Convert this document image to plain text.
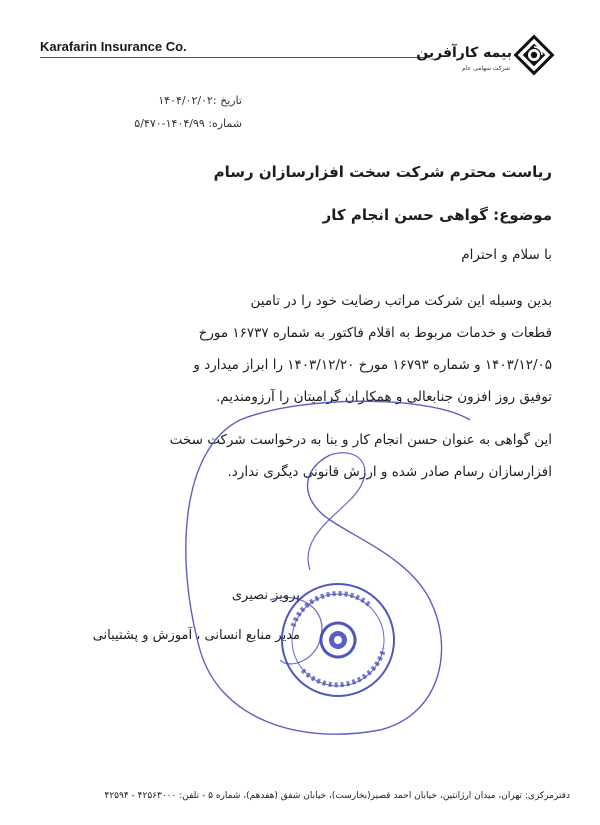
Karafarin Insurance Co.	بیمه کارآفرین
شرکت سهامی عام
تاریخ :۱۴۰۴/۰۲/۰۲
شماره: ۱۴۰۴/۹۹-۵/۴۷۰
ریاست محترم شرکت سخت افزارسازان رسام
موضوع: گواهی حسن انجام کار
با سلام و احترام
بدین وسیله این شرکت مراتب رضایت خود را در تامین
قطعات و خدمات مربوط به اقلام فاکتور به شماره ۱۶۷۳۷ مورخ
۱۴۰۳/۱۲/۰۵ و شماره ۱۶۷۹۳ مورخ ۱۴۰۳/۱۲/۲۰ را ابراز میدارد و
توفیق روز افزون جنابعالی و همکاران گرامیتان را آرزومندیم.
این گواهی به عنوان حسن انجام کار و بنا به درخواست شرکت سخت
افزارسازان رسام صادر شده و ارزش قانونی دیگری ندارد.
پرویز نصیری
مدیر منابع انسانی ، آموزش و پشتیبانی
دفترمرکزی: تهران، میدان آرژانتین، خیابان احمد قصیر(بخارست)، خیابان شفق (هفدهم)، شماره ۵ - تلفن: ۴۲۵۶۳۰۰۰ - ۴۲۵۹۴
